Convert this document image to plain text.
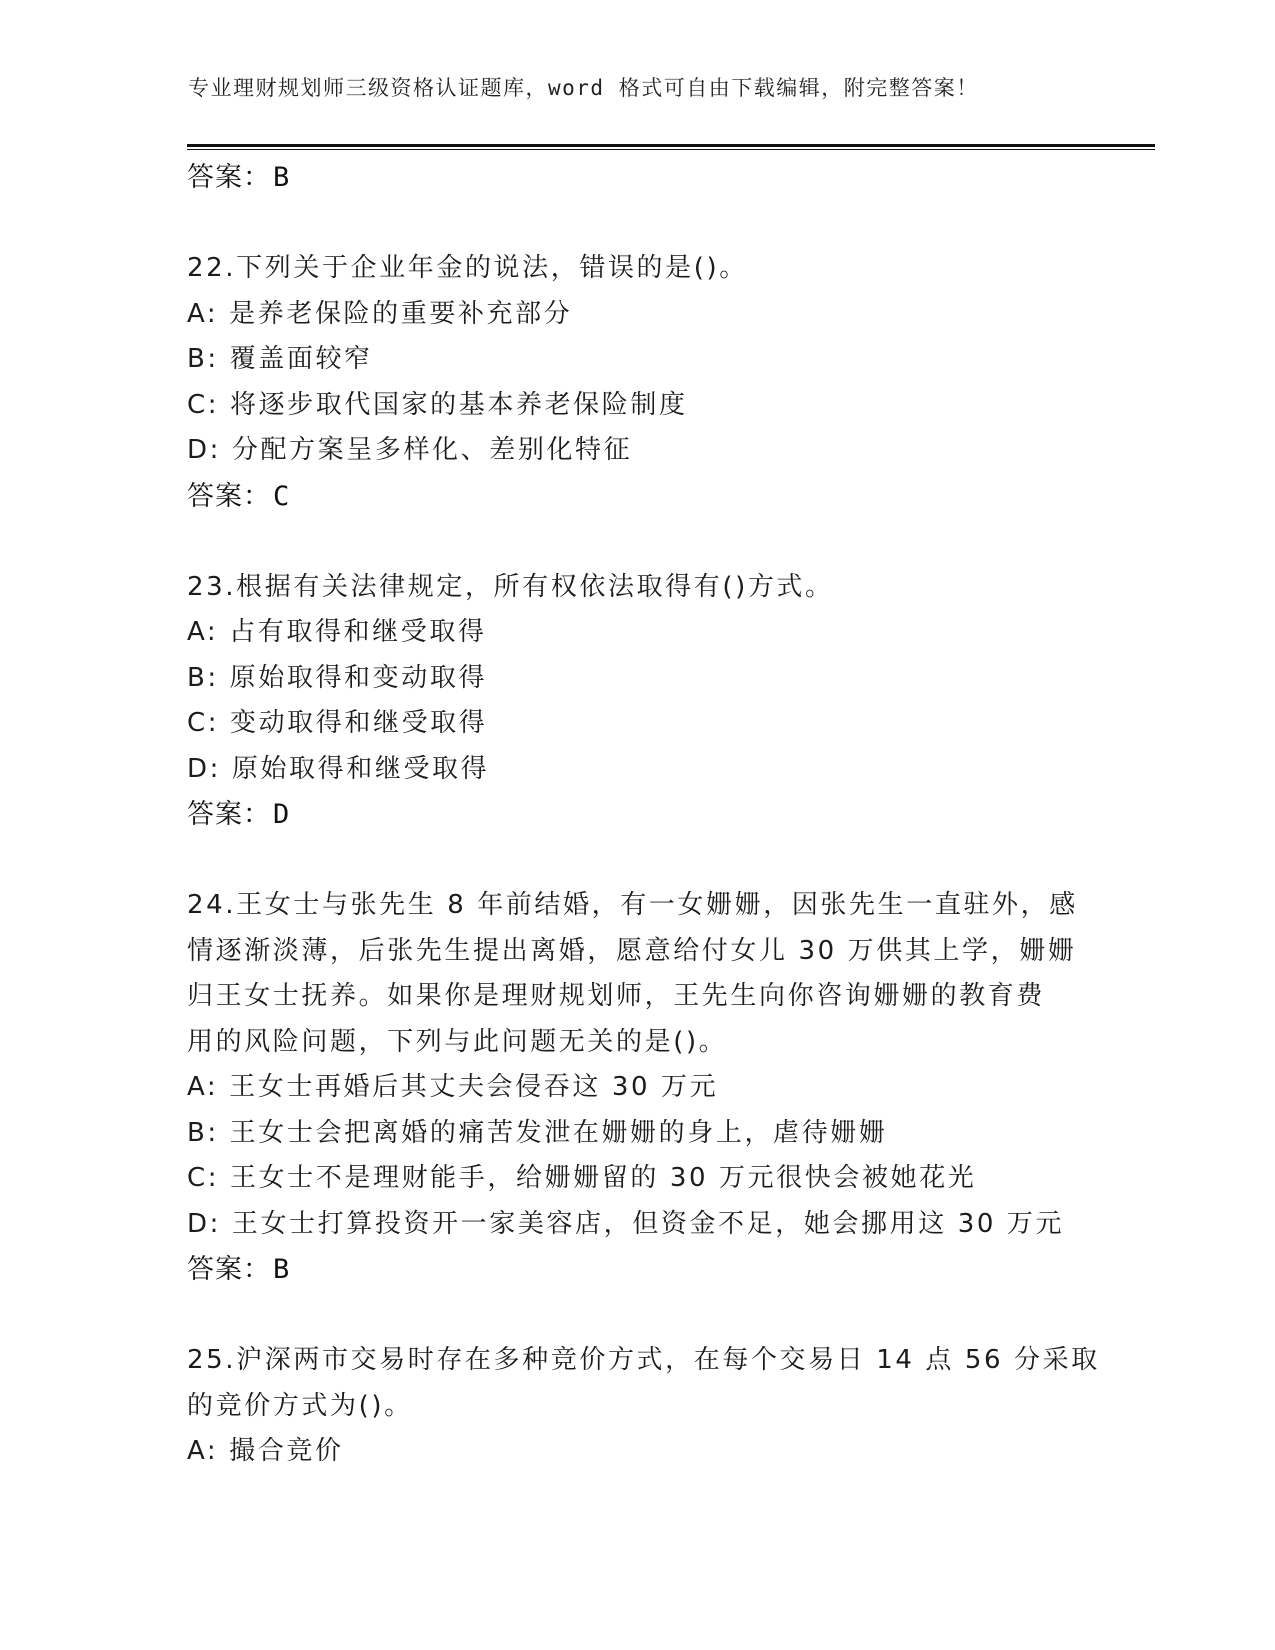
专业理财规划师三级资格认证题库，word 格式可自由下载编辑，附完整答案！
答案：B
22.下列关于企业年金的说法，错误的是()。
A: 是养老保险的重要补充部分
B: 覆盖面较窄
C: 将逐步取代国家的基本养老保险制度
D: 分配方案呈多样化、差别化特征
答案：C
23.根据有关法律规定，所有权依法取得有()方式。
A: 占有取得和继受取得
B: 原始取得和变动取得
C: 变动取得和继受取得
D: 原始取得和继受取得
答案：D
24.王女士与张先生 8 年前结婚，有一女姗姗，因张先生一直驻外，感
情逐渐淡薄，后张先生提出离婚，愿意给付女儿 30 万供其上学，姗姗
归王女士抚养。如果你是理财规划师，王先生向你咨询姗姗的教育费
用的风险问题，下列与此问题无关的是()。
A: 王女士再婚后其丈夫会侵吞这 30 万元
B: 王女士会把离婚的痛苦发泄在姗姗的身上，虐待姗姗
C: 王女士不是理财能手，给姗姗留的 30 万元很快会被她花光
D: 王女士打算投资开一家美容店，但资金不足，她会挪用这 30 万元
答案：B
25.沪深两市交易时存在多种竞价方式，在每个交易日 14 点 56 分采取
的竞价方式为()。
A: 撮合竞价
